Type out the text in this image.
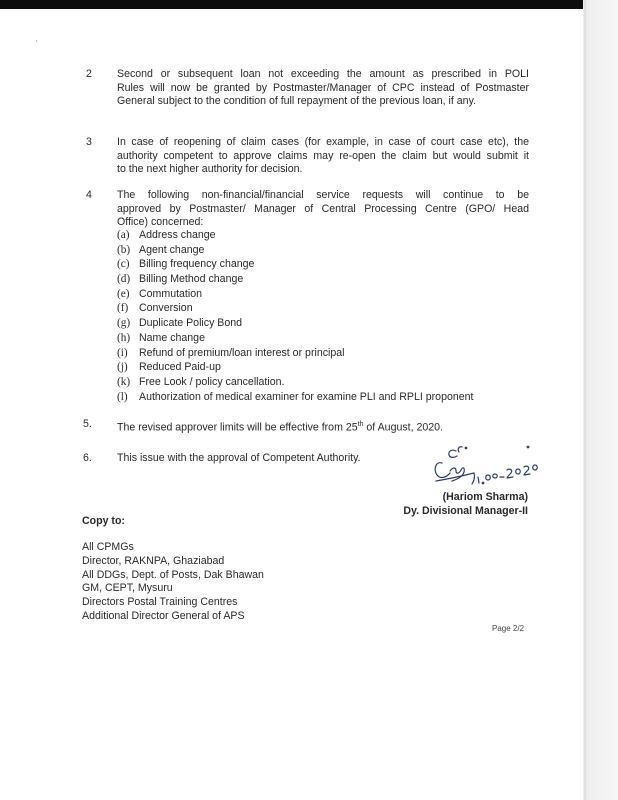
2 Second or subsequent loan not exceeding the amount as prescribed in POLI
Rules will now be granted by Postmaster/Manager of CPC instead of Postmaster
General subject to the condition of full repayment of the previous loan, if any.
3 In case of reopening of claim cases (for example, in case of court case etc), the
authority competent to approve claims may re-open the claim but would submit it
to the next higher authority for decision.
4 The following non-financial/financial service requests will continue to be
approved by Postmaster/ Manager of Central Processing Centre (GPO/ Head
Office) concerned:
(a) Address change
(b) Agent change
(c) Billing frequency change
(d) Billing Method change
(e) Commutation
(f) Conversion
(g) Duplicate Policy Bond
(h) Name change
(i) Refund of premium/loan interest or principal
(j) Reduced Paid-up
(k) Free Look / policy cancellation.
(l) Authorization of medical examiner for examine PLI and RPLI proponent
5. The revised approver limits will be effective from 25th of August, 2020.
6. This issue with the approval of Competent Authority.
(Hariom Sharma)
Dy. Divisional Manager-II
Copy to:
All CPMGs
Director, RAKNPA, Ghaziabad
All DDGs, Dept. of Posts, Dak Bhawan
GM, CEPT, Mysuru
Directors Postal Training Centres
Additional Director General of APS
Page 2/2
